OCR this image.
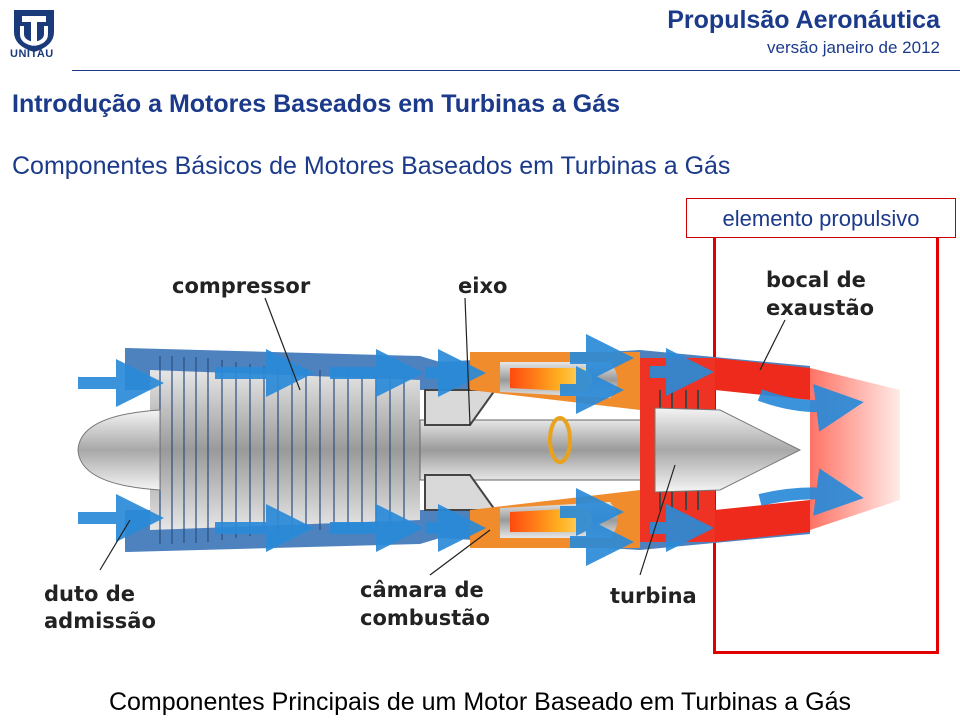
UNITAU
Propulsão Aeronáutica
versão janeiro de 2012
Introdução a Motores Baseados em Turbinas a Gás
Componentes Básicos de Motores Baseados em Turbinas a Gás
elemento propulsivo
compressor	eixo	bocal de
exaustão
duto de
admissão
câmara de
combustão
turbina
Componentes Principais de um Motor Baseado em Turbinas a Gás
